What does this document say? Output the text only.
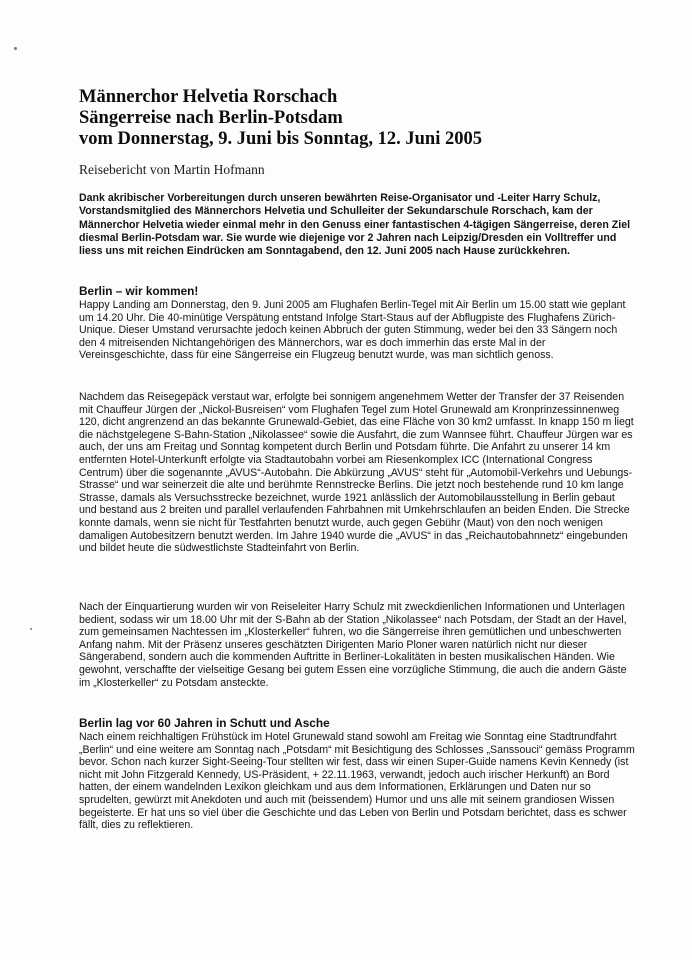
Männerchor Helvetia Rorschach

Sängerreise nach Berlin-Potsdam

vom Donnerstag, 9. Juni bis Sonntag, 12. Juni 2005

Reisebericht von Martin Hofmann

Dank akribischer Vorbereitungen durch unseren bewährten Reise-Organisator und -Leiter Harry Schulz, Vorstandsmitglied des Männerchors Helvetia und Schulleiter der Sekundarschule Rorschach, kam der Männerchor Helvetia wieder einmal mehr in den Genuss einer fantastischen 4-tägigen Sängerreise, deren Ziel diesmal Berlin-Potsdam war. Sie wurde wie diejenige vor 2 Jahren nach Leipzig/Dresden ein Volltreffer und liess uns mit reichen Eindrücken am Sonntagabend, den 12. Juni 2005 nach Hause zurückkehren.

Berlin – wir kommen!

Happy Landing am Donnerstag, den 9. Juni 2005 am Flughafen Berlin-Tegel mit Air Berlin um 15.00 statt wie geplant um 14.20 Uhr. Die 40-minütige Verspätung entstand Infolge Start-Staus auf der Abflugpiste des Flughafens Zürich-Unique. Dieser Umstand verursachte jedoch keinen Abbruch der guten Stimmung, weder bei den 33 Sängern noch den 4 mitreisenden Nichtangehörigen des Männerchors, war es doch immerhin das erste Mal in der Vereinsgeschichte, dass für eine Sängerreise ein Flugzeug benutzt wurde, was man sichtlich genoss.

Nachdem das Reisegepäck verstaut war, erfolgte bei sonnigem angenehmem Wetter der Transfer der 37 Reisenden mit Chauffeur Jürgen der „Nickol-Busreisen“ vom Flughafen Tegel zum Hotel Grunewald am Kronprinzessinnenweg 120, dicht angrenzend an das bekannte Grunewald-Gebiet, das eine Fläche von 30 km2 umfasst. In knapp 150 m liegt die nächstgelegene S-Bahn-Station „Nikolassee“ sowie die Ausfahrt, die zum Wannsee führt. Chauffeur Jürgen war es auch, der uns am Freitag und Sonntag kompetent durch Berlin und Potsdam führte. Die Anfahrt zu unserer 14 km entfernten Hotel-Unterkunft erfolgte via Stadtautobahn vorbei am Riesenkomplex ICC (International Congress Centrum) über die sogenannte „AVUS“-Autobahn. Die Abkürzung „AVUS“ steht für „Automobil-Verkehrs und Uebungs-Strasse“ und war seinerzeit die alte und berühmte Rennstrecke Berlins. Die jetzt noch bestehende rund 10 km lange Strasse, damals als Versuchsstrecke bezeichnet, wurde 1921 anlässlich der Automobilausstellung in Berlin gebaut und bestand aus 2 breiten und parallel verlaufenden Fahrbahnen mit Umkehrschlaufen an beiden Enden. Die Strecke konnte damals, wenn sie nicht für Testfahrten benutzt wurde, auch gegen Gebühr (Maut) von den noch wenigen damaligen Autobesitzern benutzt werden. Im Jahre 1940 wurde die „AVUS“ in das „Reichautobahnnetz“ eingebunden und bildet heute die südwestlichste Stadteinfahrt von Berlin.

Nach der Einquartierung wurden wir von Reiseleiter Harry Schulz mit zweckdienlichen Informationen und Unterlagen bedient, sodass wir um 18.00 Uhr mit der S-Bahn ab der Station „Nikolassee“ nach Potsdam, der Stadt an der Havel, zum gemeinsamen Nachtessen im „Klosterkeller“ fuhren, wo die Sängerreise ihren gemütlichen und unbeschwerten Anfang nahm. Mit der Präsenz unseres geschätzten Dirigenten Mario Ploner waren natürlich nicht nur dieser Sängerabend, sondern auch die kommenden Auftritte in Berliner-Lokalitäten in besten musikalischen Händen. Wie gewohnt, verschaffte der vielseitige Gesang bei gutem Essen eine vorzügliche Stimmung, die auch die andern Gäste im „Klosterkeller“ zu Potsdam ansteckte.

Berlin lag vor 60 Jahren in Schutt und Asche

Nach einem reichhaltigen Frühstück im Hotel Grunewald stand sowohl am Freitag wie Sonntag eine Stadtrundfahrt „Berlin“ und eine weitere am Sonntag nach „Potsdam“ mit Besichtigung des Schlosses „Sanssouci“ gemäss Programm bevor. Schon nach kurzer Sight-Seeing-Tour stellten wir fest, dass wir einen Super-Guide namens Kevin Kennedy (ist nicht mit John Fitzgerald Kennedy, US-Präsident, + 22.11.1963, verwandt, jedoch auch irischer Herkunft) an Bord hatten, der einem wandelnden Lexikon gleichkam und aus dem Informationen, Erklärungen und Daten nur so sprudelten, gewürzt mit Anekdoten und auch mit (beissendem) Humor und uns alle mit seinem grandiosen Wissen begeisterte. Er hat uns so viel über die Geschichte und das Leben von Berlin und Potsdam berichtet, dass es schwer fällt, dies zu reflektieren.
